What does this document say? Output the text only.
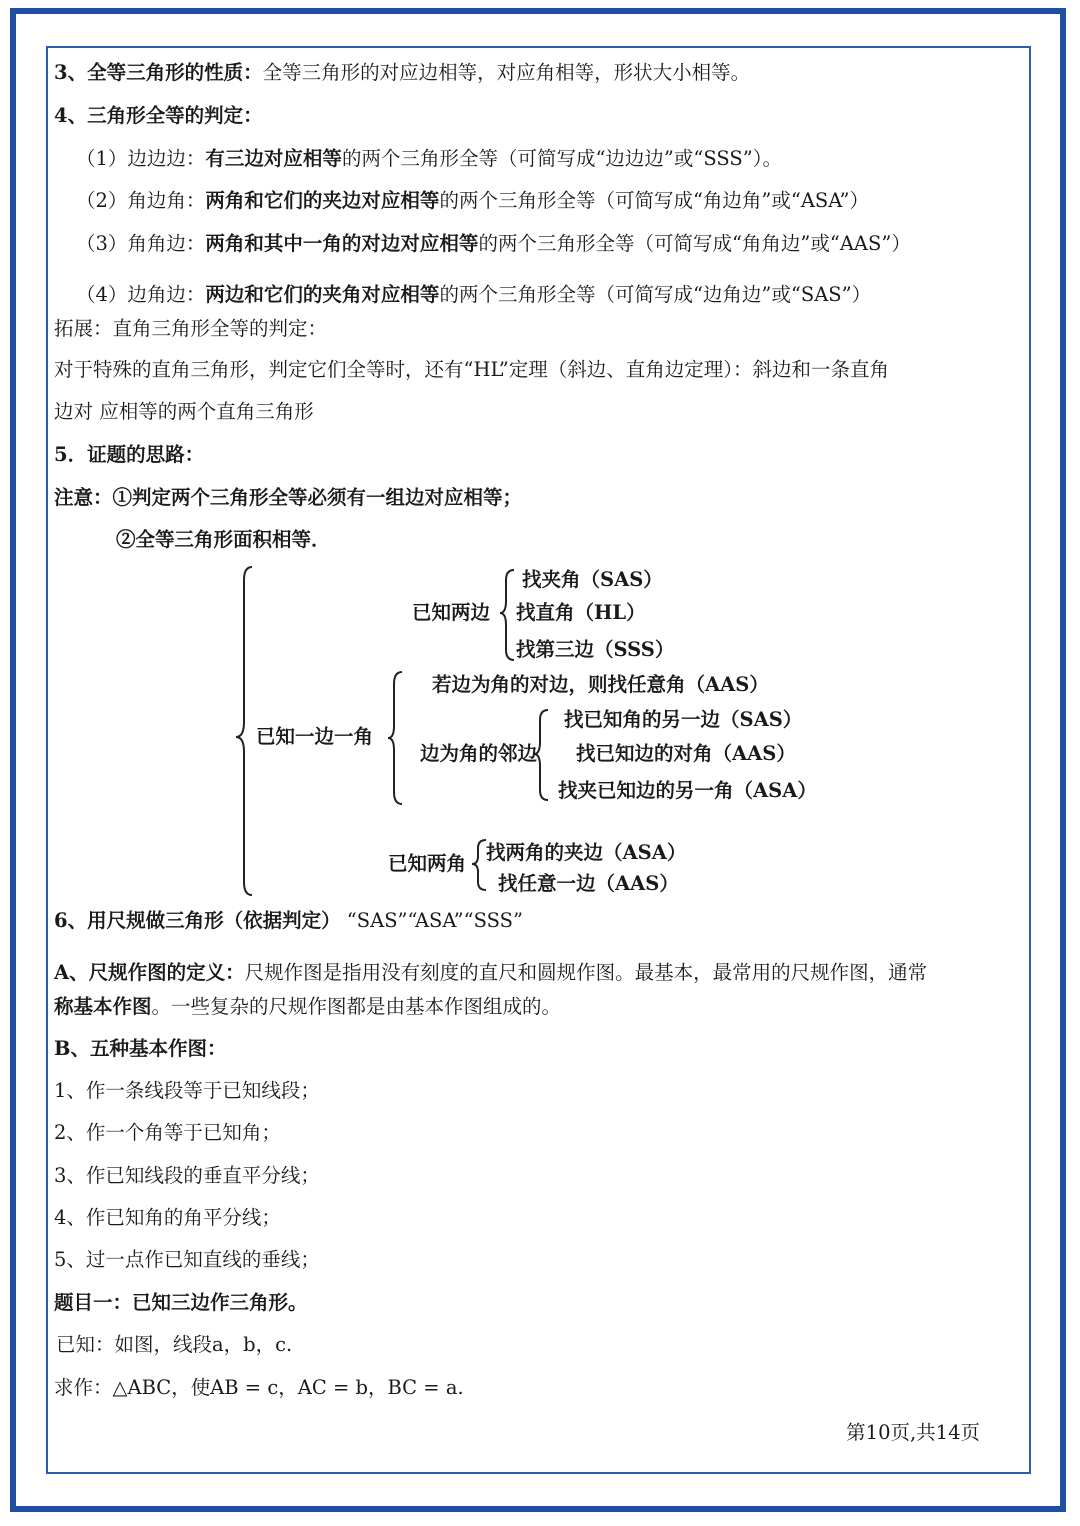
3、全等三角形的性质：全等三角形的对应边相等，对应角相等，形状大小相等。
4、三角形全等的判定：
（1）边边边：有三边对应相等的两个三角形全等（可简写成“边边边”或“SSS”）。
（2）角边角：两角和它们的夹边对应相等的两个三角形全等（可简写成“角边角”或“ASA”）
（3）角角边：两角和其中一角的对边对应相等的两个三角形全等（可简写成“角角边”或“AAS”）
（4）边角边：两边和它们的夹角对应相等的两个三角形全等（可简写成“边角边”或“SAS”）
拓展：直角三角形全等的判定：
对于特殊的直角三角形，判定它们全等时，还有“HL”定理（斜边、直角边定理）：斜边和一条直角
边对 应相等的两个直角三角形
5．证题的思路：
注意：①判定两个三角形全等必须有一组边对应相等；
②全等三角形面积相等．
已知两边
找夹角（SAS）
找直角（HL）
找第三边（SSS）
已知一边一角
若边为角的对边，则找任意角（AAS）
边为角的邻边
找已知角的另一边（SAS）
找已知边的对角（AAS）
找夹已知边的另一角（ASA）
已知两角 找两角的夹边（ASA）
找任意一边（AAS）
6、用尺规做三角形（依据判定） “SAS”“ASA”“SSS”
A、尺规作图的定义：尺规作图是指用没有刻度的直尺和圆规作图。最基本，最常用的尺规作图，通常
称基本作图。一些复杂的尺规作图都是由基本作图组成的。
B、五种基本作图：
1、作一条线段等于已知线段；
2、作一个角等于已知角；
3、作已知线段的垂直平分线；
4、作已知角的角平分线；
5、过一点作已知直线的垂线；
题目一：已知三边作三角形。
已知：如图，线段a，b，c.
求作：△ABC，使AB = c，AC = b，BC = a.
第10页,共14页
